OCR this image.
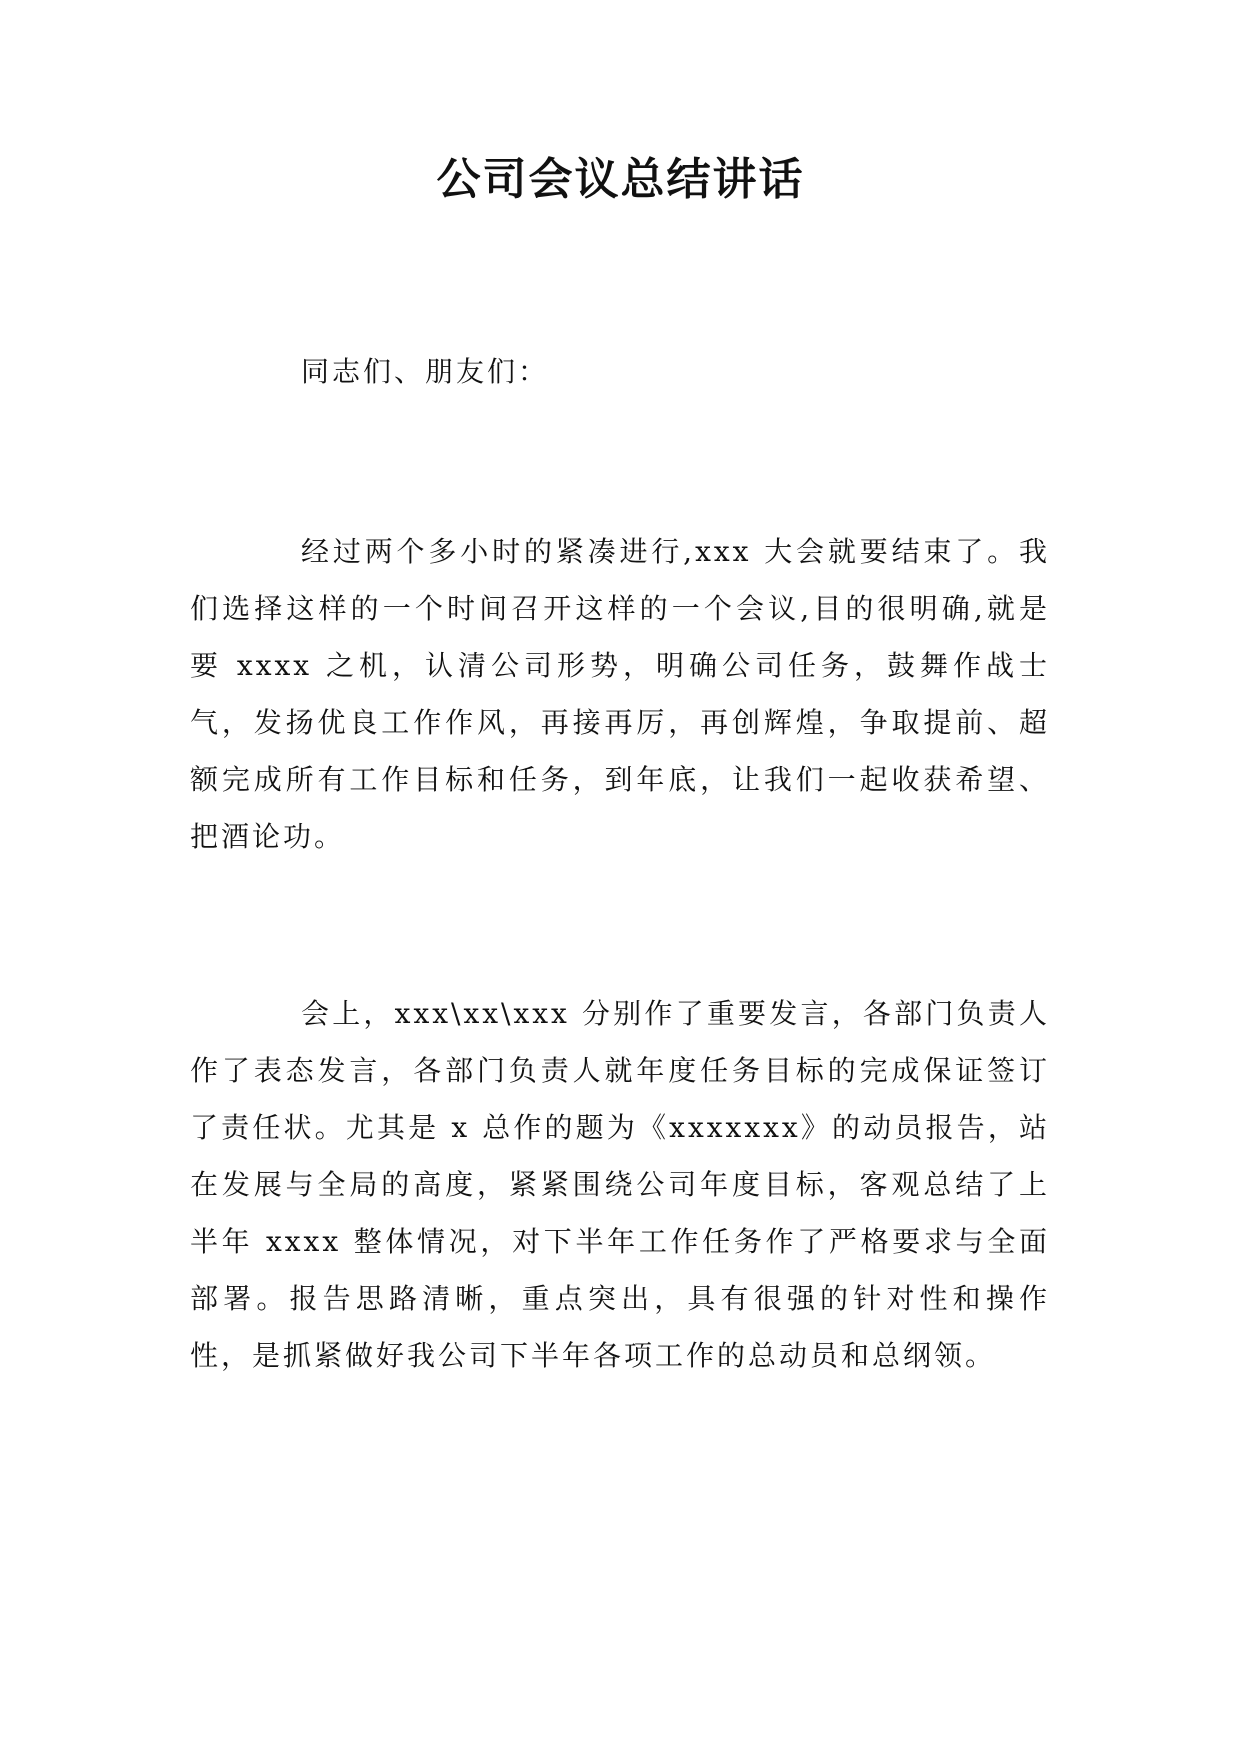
公司会议总结讲话
同志们、朋友们：

经过两个多小时的紧凑进行,xxx 大会就要结束了。我们选择这样的一个时间召开这样的一个会议,目的很明确,就是要 xxxx 之机，认清公司形势，明确公司任务，鼓舞作战士气，发扬优良工作作风，再接再厉，再创辉煌，争取提前、超额完成所有工作目标和任务，到年底，让我们一起收获希望、把酒论功。

会上，xxx\xx\xxx 分别作了重要发言，各部门负责人作了表态发言，各部门负责人就年度任务目标的完成保证签订了责任状。尤其是 x 总作的题为《xxxxxxx》的动员报告，站在发展与全局的高度，紧紧围绕公司年度目标，客观总结了上半年 xxxx 整体情况，对下半年工作任务作了严格要求与全面部署。报告思路清晰，重点突出，具有很强的针对性和操作性，是抓紧做好我公司下半年各项工作的总动员和总纲领。
